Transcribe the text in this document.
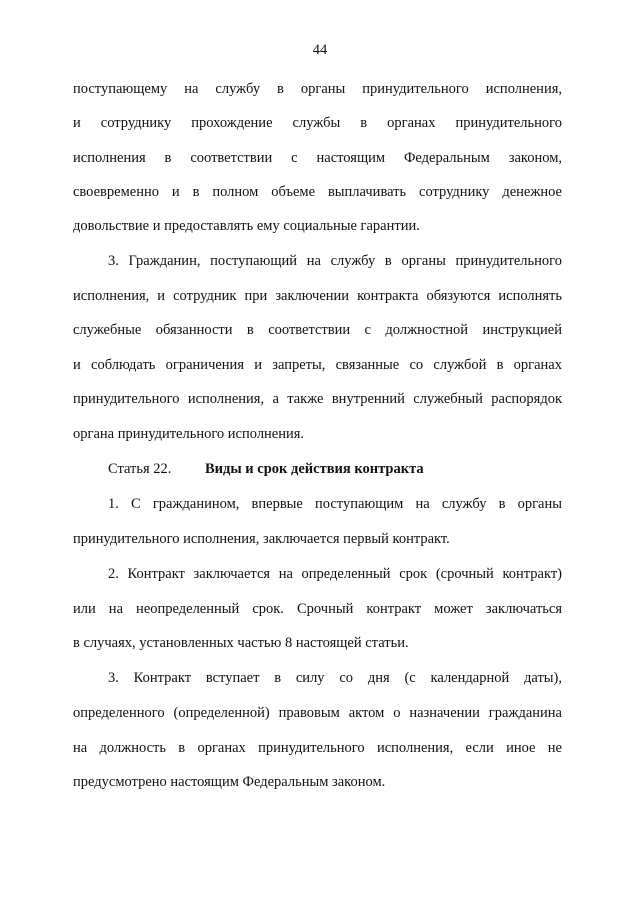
44
поступающему на службу в органы принудительного исполнения,
и сотруднику прохождение службы в органах принудительного
исполнения в соответствии с настоящим Федеральным законом,
своевременно и в полном объеме выплачивать сотруднику денежное
довольствие и предоставлять ему социальные гарантии.
3. Гражданин, поступающий на службу в органы принудительного
исполнения, и сотрудник при заключении контракта обязуются исполнять
служебные обязанности в соответствии с должностной инструкцией
и соблюдать ограничения и запреты, связанные со службой в органах
принудительного исполнения, а также внутренний служебный распорядок
органа принудительного исполнения.
Статья 22. Виды и срок действия контракта
1. С гражданином, впервые поступающим на службу в органы
принудительного исполнения, заключается первый контракт.
2. Контракт заключается на определенный срок (срочный контракт)
или на неопределенный срок. Срочный контракт может заключаться
в случаях, установленных частью 8 настоящей статьи.
3. Контракт вступает в силу со дня (с календарной даты),
определенного (определенной) правовым актом о назначении гражданина
на должность в органах принудительного исполнения, если иное не
предусмотрено настоящим Федеральным законом.
